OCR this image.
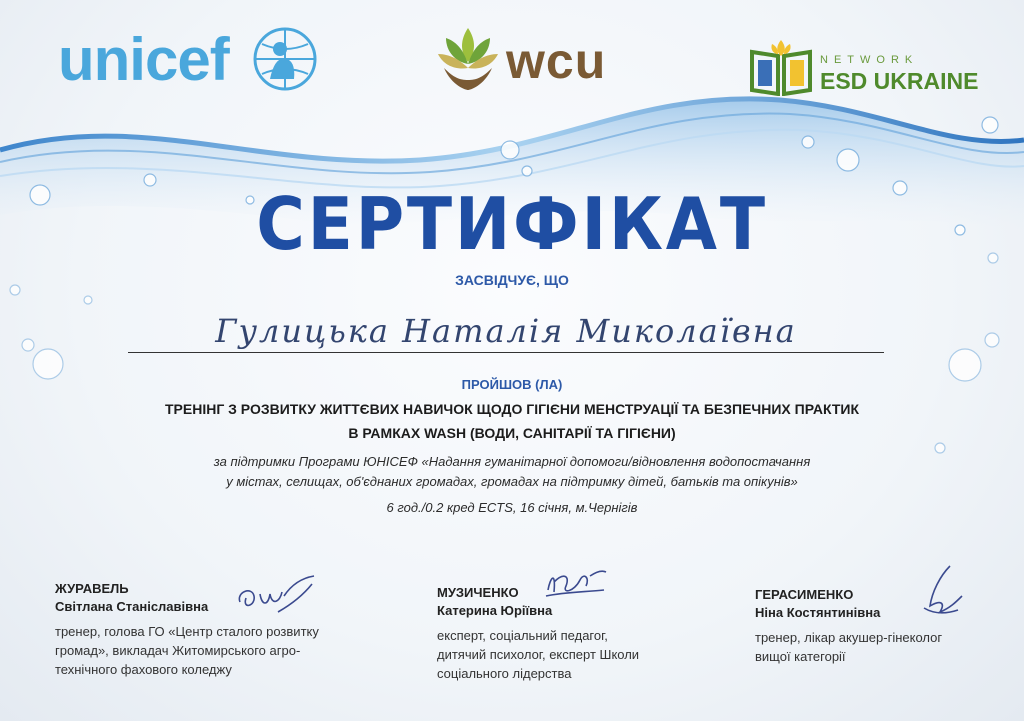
unicef	wcu	NETWORK
ESD UKRAINE
СЕРТИФІКАТ
ЗАСВІДЧУЄ, ЩО
Гулицька Наталія Миколаївна
ПРОЙШОВ (ЛА)
ТРЕНІНГ З РОЗВИТКУ ЖИТТЄВИХ НАВИЧОК ЩОДО ГІГІЄНИ МЕНСТРУАЦІЇ ТА БЕЗПЕЧНИХ ПРАКТИК
В РАМКАХ WASH (ВОДИ, САНІТАРІЇ ТА ГІГІЄНИ)
за підтримки Програми ЮНІСЕФ «Надання гуманітарної допомоги/відновлення водопостачання
у містах, селищах, об'єднаних громадах, громадах на підтримку дітей, батьків та опікунів»
6 год./0.2 кред ECTS, 16 січня, м.Чернігів
ЖУРАВЕЛЬ
Світлана Станіславівна
тренер, голова ГО «Центр сталого розвитку
громад», викладач Житомирського агро-
технічного фахового коледжу
МУЗИЧЕНКО
Катерина Юріївна
експерт, соціальний педагог,
дитячий психолог, експерт Школи
соціального лідерства
ГЕРАСИМЕНКО
Ніна Костянтинівна
тренер, лікар акушер-гінеколог
вищої категорії
